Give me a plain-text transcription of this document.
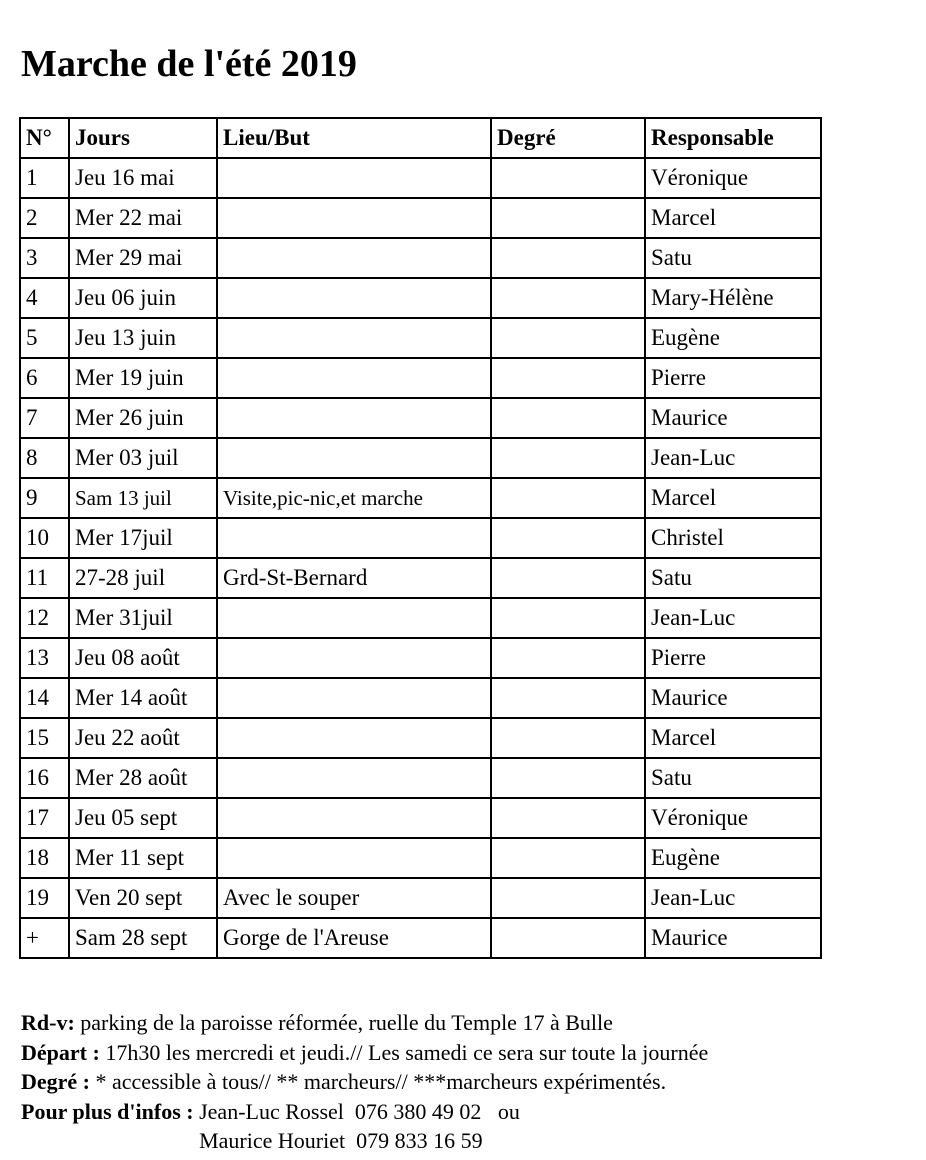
Marche de l'été 2019
N°	Jours	Lieu/But	Degré	Responsable
1	Jeu 16 mai			Véronique
2	Mer 22 mai			Marcel
3	Mer 29 mai			Satu
4	Jeu 06 juin			Mary-Hélène
5	Jeu 13 juin			Eugène
6	Mer 19 juin			Pierre
7	Mer 26 juin			Maurice
8	Mer 03 juil			Jean-Luc
9	Sam 13 juil	Visite,pic-nic,et marche		Marcel
10	Mer 17juil			Christel
11	27-28 juil	Grd-St-Bernard		Satu
12	Mer 31juil			Jean-Luc
13	Jeu 08 août			Pierre
14	Mer 14 août			Maurice
15	Jeu 22 août			Marcel
16	Mer 28 août			Satu
17	Jeu 05 sept			Véronique
18	Mer 11 sept			Eugène
19	Ven 20 sept	Avec le souper		Jean-Luc
+	Sam 28 sept	Gorge de l'Areuse		Maurice

Rd-v: parking de la paroisse réformée, ruelle du Temple 17 à Bulle

Départ : 17h30 les mercredi et jeudi.// Les samedi ce sera sur toute la journée

Degré : * accessible à tous// ** marcheurs// ***marcheurs expérimentés.

Pour plus d'infos : Jean-Luc Rossel  076 380 49 02   ou
Maurice Houriet  079 833 16 59
